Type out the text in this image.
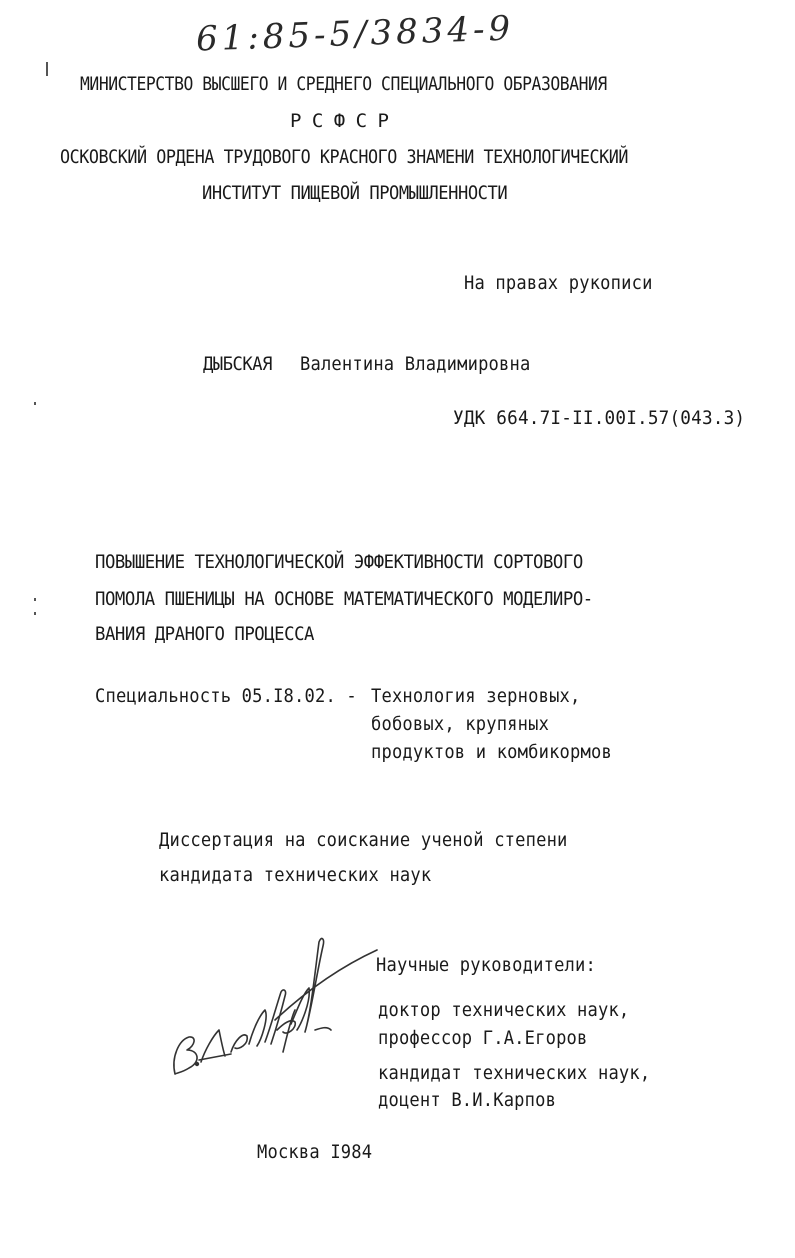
61:85-5/3834-9
МИНИСТЕРСТВО ВЫСШЕГО И СРЕДНЕГО СПЕЦИАЛЬНОГО ОБРАЗОВАНИЯ
Р С Ф С Р
ОСКОВСКИЙ ОРДЕНА ТРУДОВОГО КРАСНОГО ЗНАМЕНИ ТЕХНОЛОГИЧЕСКИЙ
ИНСТИТУТ ПИЩЕВОЙ ПРОМЫШЛЕННОСТИ
На правах рукописи
ДЫБСКАЯ Валентина Владимировна
УДК 664.7I-II.00I.57(043.3)
ПОВЫШЕНИЕ ТЕХНОЛОГИЧЕСКОЙ ЭФФЕКТИВНОСТИ СОРТОВОГО
ПОМОЛА ПШЕНИЦЫ НА ОСНОВЕ МАТЕМАТИЧЕСКОГО МОДЕЛИРО-
ВАНИЯ ДРАНОГО ПРОЦЕССА
Специальность 05.I8.02. - Технология зерновых,
бобовых, крупяных
продуктов и комбикормов
Диссертация на соискание ученой степени
кандидата технических наук
Научные руководители:
доктор технических наук,
профессор Г.А.Егоров
кандидат технических наук,
доцент В.И.Карпов
Москва I984
